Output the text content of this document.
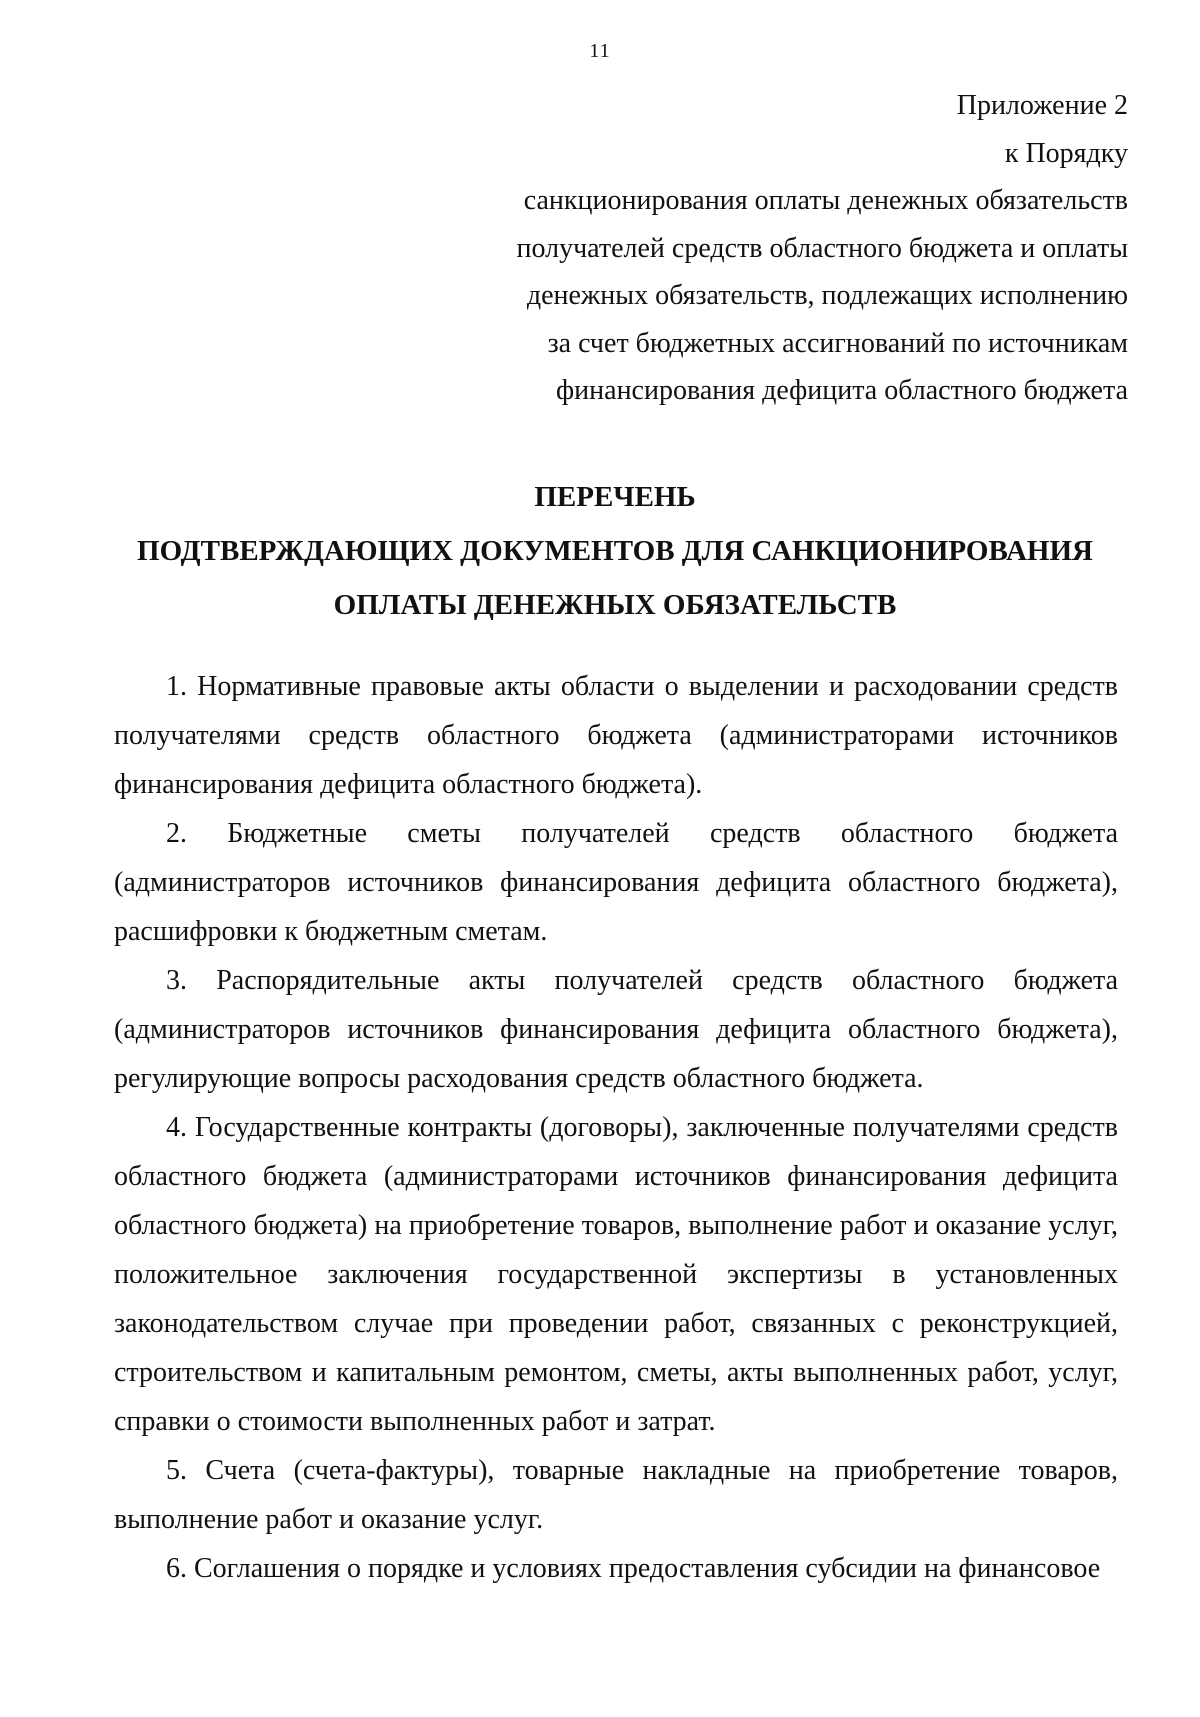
11
Приложение 2
к Порядку
санкционирования оплаты денежных обязательств
получателей средств областного бюджета и оплаты
денежных обязательств, подлежащих исполнению
за счет бюджетных ассигнований по источникам
финансирования дефицита областного бюджета
ПЕРЕЧЕНЬ
ПОДТВЕРЖДАЮЩИХ ДОКУМЕНТОВ ДЛЯ САНКЦИОНИРОВАНИЯ
ОПЛАТЫ ДЕНЕЖНЫХ ОБЯЗАТЕЛЬСТВ

1. Нормативные правовые акты области о выделении и расходовании средств получателями средств областного бюджета (администраторами источников финансирования дефицита областного бюджета).

2. Бюджетные сметы получателей средств областного бюджета (администраторов источников финансирования дефицита областного бюджета), расшифровки к бюджетным сметам.

3. Распорядительные акты получателей средств областного бюджета (администраторов источников финансирования дефицита областного бюджета), регулирующие вопросы расходования средств областного бюджета.

4. Государственные контракты (договоры), заключенные получателями средств областного бюджета (администраторами источников финансирования дефицита областного бюджета) на приобретение товаров, выполнение работ и оказание услуг, положительное заключения государственной экспертизы в установленных законодательством случае при проведении работ, связанных с реконструкцией, строительством и капитальным ремонтом, сметы, акты выполненных работ, услуг, справки о стоимости выполненных работ и затрат.

5. Счета (счета-фактуры), товарные накладные на приобретение товаров, выполнение работ и оказание услуг.

6. Соглашения о порядке и условиях предоставления субсидии на финансовое
